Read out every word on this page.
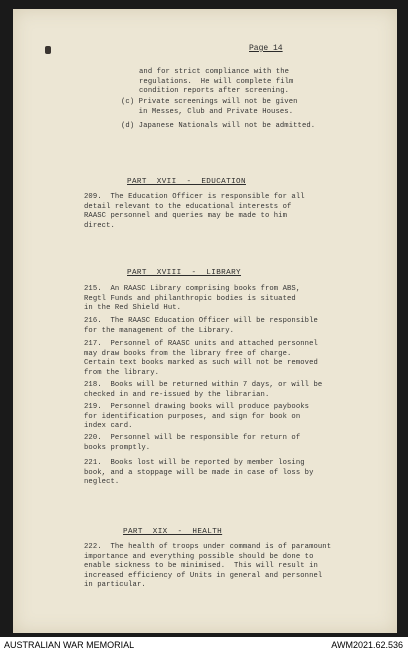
Page 14
and for strict compliance with the
regulations.  He will complete film
condition reports after screening.
(c) Private screenings will not be given
in Messes, Club and Private Houses.
(d) Japanese Nationals will not be admitted.
PART  XVII  -  EDUCATION
209.  The Education Officer is responsible for all
detail relevant to the educational interests of
RAASC personnel and queries may be made to him
direct.
PART  XVIII  -  LIBRARY
215.  An RAASC Library comprising books from ABS,
Regtl Funds and philanthropic bodies is situated
in the Red Shield Hut.
216.  The RAASC Education Officer will be responsible
for the management of the Library.
217.  Personnel of RAASC units and attached personnel
may draw books from the library free of charge.
Certain text books marked as such will not be removed
from the library.
218.  Books will be returned within 7 days, or will be
checked in and re-issued by the librarian.
219.  Personnel drawing books will produce paybooks
for identification purposes, and sign for book on
index card.
220.  Personnel will be responsible for return of
books promptly.
221.  Books lost will be reported by member losing
book, and a stoppage will be made in case of loss by
neglect.
PART  XIX  -  HEALTH
222.  The health of troops under command is of paramount
importance and everything possible should be done to
enable sickness to be minimised.  This will result in
increased efficiency of Units in general and personnel
in particular.
AUSTRALIAN WAR MEMORIAL	AWM2021.62.536
